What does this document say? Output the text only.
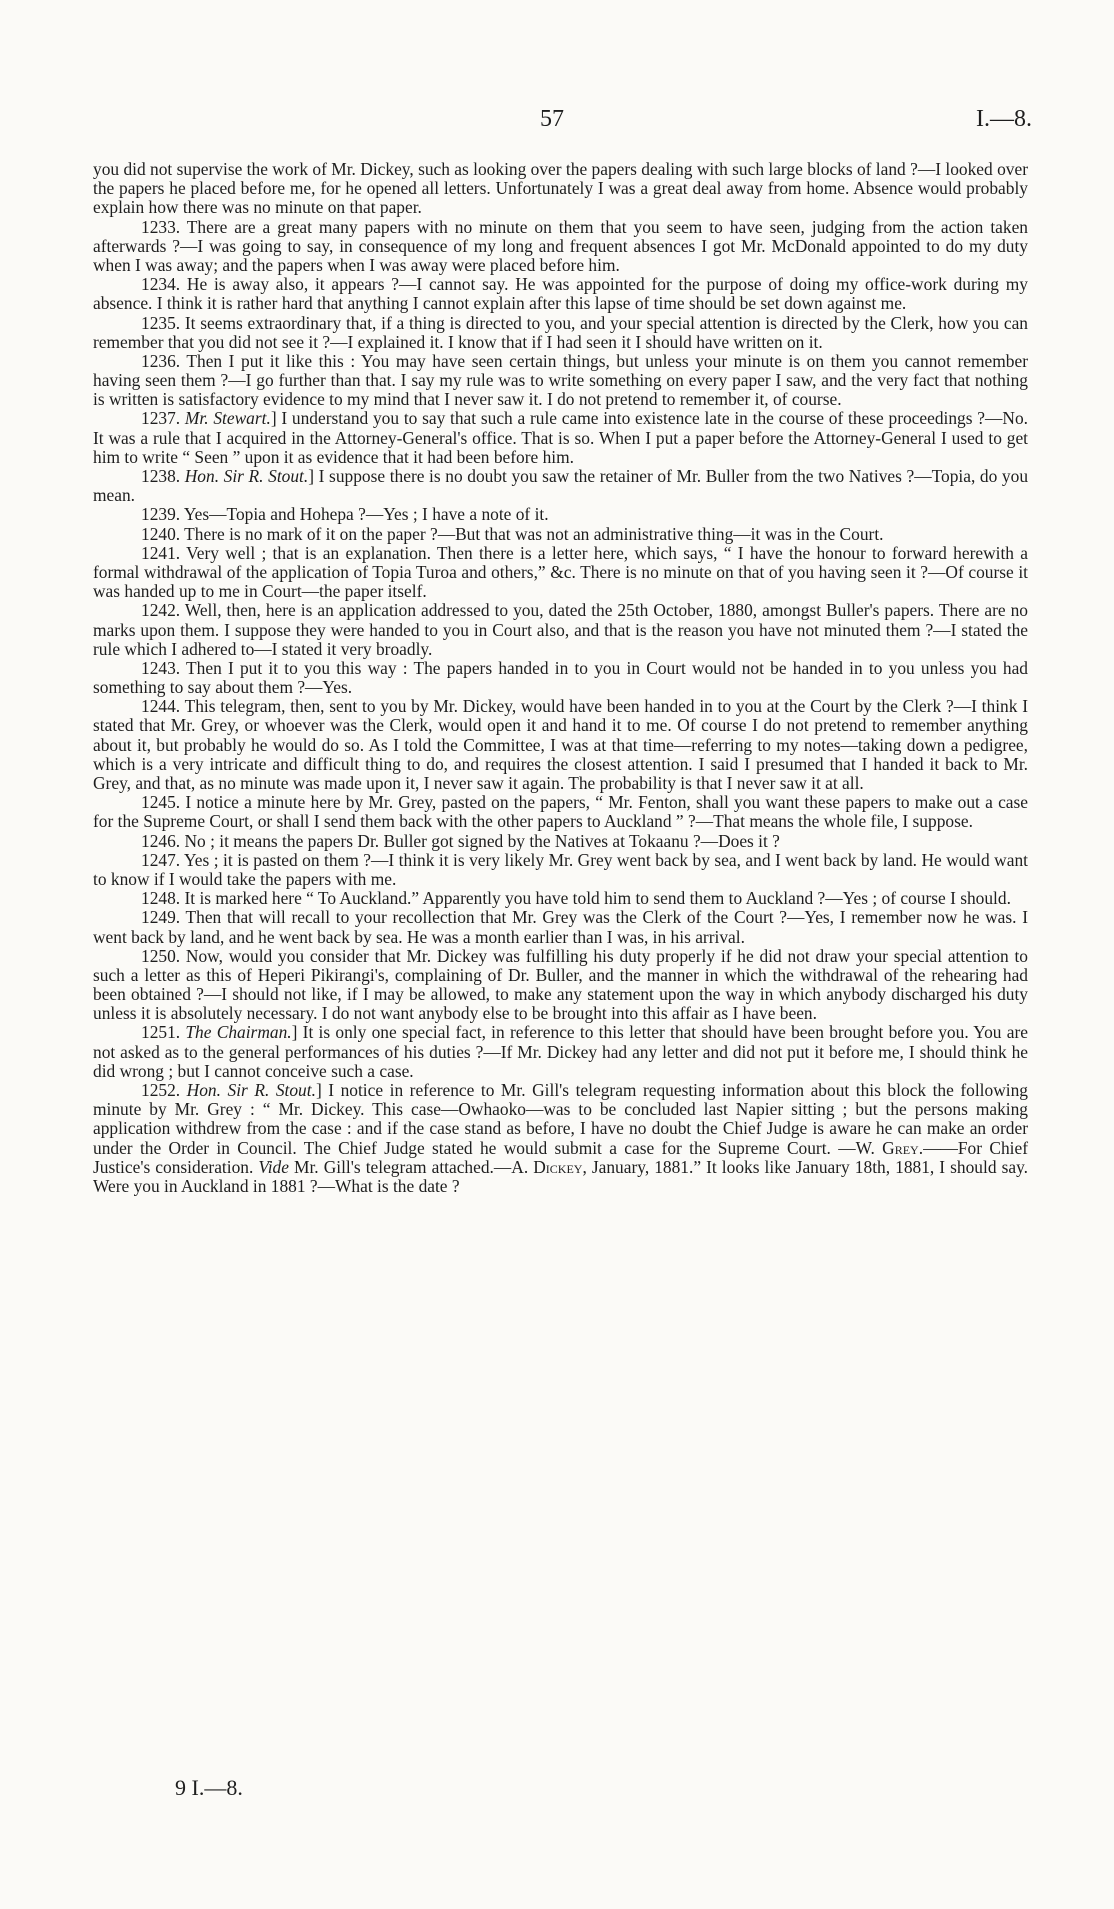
57	I.—8.

you did not supervise the work of Mr. Dickey, such as looking over the papers dealing with such large blocks of land ?—I looked over the papers he placed before me, for he opened all letters. Unfortunately I was a great deal away from home. Absence would probably explain how there was no minute on that paper.

1233. There are a great many papers with no minute on them that you seem to have seen, judging from the action taken afterwards ?—I was going to say, in consequence of my long and frequent absences I got Mr. McDonald appointed to do my duty when I was away; and the papers when I was away were placed before him.

1234. He is away also, it appears ?—I cannot say. He was appointed for the purpose of doing my office-work during my absence. I think it is rather hard that anything I cannot explain after this lapse of time should be set down against me.

1235. It seems extraordinary that, if a thing is directed to you, and your special attention is directed by the Clerk, how you can remember that you did not see it ?—I explained it. I know that if I had seen it I should have written on it.

1236. Then I put it like this : You may have seen certain things, but unless your minute is on them you cannot remember having seen them ?—I go further than that. I say my rule was to write something on every paper I saw, and the very fact that nothing is written is satisfactory evidence to my mind that I never saw it. I do not pretend to remember it, of course.

1237. Mr. Stewart.] I understand you to say that such a rule came into existence late in the course of these proceedings ?—No. It was a rule that I acquired in the Attorney-General's office. That is so. When I put a paper before the Attorney-General I used to get him to write “ Seen ” upon it as evidence that it had been before him.

1238. Hon. Sir R. Stout.] I suppose there is no doubt you saw the retainer of Mr. Buller from the two Natives ?—Topia, do you mean.

1239. Yes—Topia and Hohepa ?—Yes ; I have a note of it.

1240. There is no mark of it on the paper ?—But that was not an administrative thing—it was in the Court.

1241. Very well ; that is an explanation. Then there is a letter here, which says, “ I have the honour to forward herewith a formal withdrawal of the application of Topia Turoa and others,” &c. There is no minute on that of you having seen it ?—Of course it was handed up to me in Court—the paper itself.

1242. Well, then, here is an application addressed to you, dated the 25th October, 1880, amongst Buller's papers. There are no marks upon them. I suppose they were handed to you in Court also, and that is the reason you have not minuted them ?—I stated the rule which I adhered to—I stated it very broadly.

1243. Then I put it to you this way : The papers handed in to you in Court would not be handed in to you unless you had something to say about them ?—Yes.

1244. This telegram, then, sent to you by Mr. Dickey, would have been handed in to you at the Court by the Clerk ?—I think I stated that Mr. Grey, or whoever was the Clerk, would open it and hand it to me. Of course I do not pretend to remember anything about it, but probably he would do so. As I told the Committee, I was at that time—referring to my notes—taking down a pedigree, which is a very intricate and difficult thing to do, and requires the closest attention. I said I presumed that I handed it back to Mr. Grey, and that, as no minute was made upon it, I never saw it again. The probability is that I never saw it at all.

1245. I notice a minute here by Mr. Grey, pasted on the papers, “ Mr. Fenton, shall you want these papers to make out a case for the Supreme Court, or shall I send them back with the other papers to Auckland ” ?—That means the whole file, I suppose.

1246. No ; it means the papers Dr. Buller got signed by the Natives at Tokaanu ?—Does it ?

1247. Yes ; it is pasted on them ?—I think it is very likely Mr. Grey went back by sea, and I went back by land. He would want to know if I would take the papers with me.

1248. It is marked here “ To Auckland.” Apparently you have told him to send them to Auckland ?—Yes ; of course I should.

1249. Then that will recall to your recollection that Mr. Grey was the Clerk of the Court ?—Yes, I remember now he was. I went back by land, and he went back by sea. He was a month earlier than I was, in his arrival.

1250. Now, would you consider that Mr. Dickey was fulfilling his duty properly if he did not draw your special attention to such a letter as this of Heperi Pikirangi's, complaining of Dr. Buller, and the manner in which the withdrawal of the rehearing had been obtained ?—I should not like, if I may be allowed, to make any statement upon the way in which anybody discharged his duty unless it is absolutely necessary. I do not want anybody else to be brought into this affair as I have been.

1251. The Chairman.] It is only one special fact, in reference to this letter that should have been brought before you. You are not asked as to the general performances of his duties ?—If Mr. Dickey had any letter and did not put it before me, I should think he did wrong ; but I cannot conceive such a case.

1252. Hon. Sir R. Stout.] I notice in reference to Mr. Gill's telegram requesting information about this block the following minute by Mr. Grey : “ Mr. Dickey. This case—Owhaoko—was to be concluded last Napier sitting ; but the persons making application withdrew from the case : and if the case stand as before, I have no doubt the Chief Judge is aware he can make an order under the Order in Council. The Chief Judge stated he would submit a case for the Supreme Court. —W. Grey.——For Chief Justice's consideration. Vide Mr. Gill's telegram attached.—A. Dickey, January, 1881.” It looks like January 18th, 1881, I should say. Were you in Auckland in 1881 ?—What is the date ?

9 I.—8.
